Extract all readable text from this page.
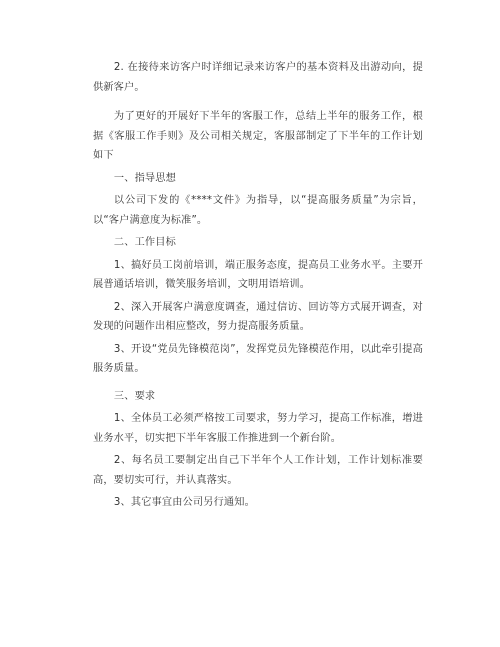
2. 在接待来访客户时详细记录来访客户的基本资料及出游动向，提供新客户。

为了更好的开展好下半年的客服工作，总结上半年的服务工作，根据《客服工作手则》及公司相关规定，客服部制定了下半年的工作计划如下

一、指导思想

以公司下发的《****文件》为指导，以“提高服务质量”为宗旨，以“客户满意度为标准”。

二、工作目标

1、搞好员工岗前培训，端正服务态度，提高员工业务水平。主要开展普通话培训，微笑服务培训，文明用语培训。

2、深入开展客户满意度调查，通过信访、回访等方式展开调查，对发现的问题作出相应整改，努力提高服务质量。

3、开设“党员先锋模范岗”，发挥党员先锋模范作用，以此牵引提高服务质量。

三、要求

1、全体员工必须严格按工司要求，努力学习，提高工作标准，增进业务水平，切实把下半年客服工作推进到一个新台阶。

2、每名员工要制定出自己下半年个人工作计划，工作计划标准要高，要切实可行，并认真落实。

3、其它事宜由公司另行通知。
